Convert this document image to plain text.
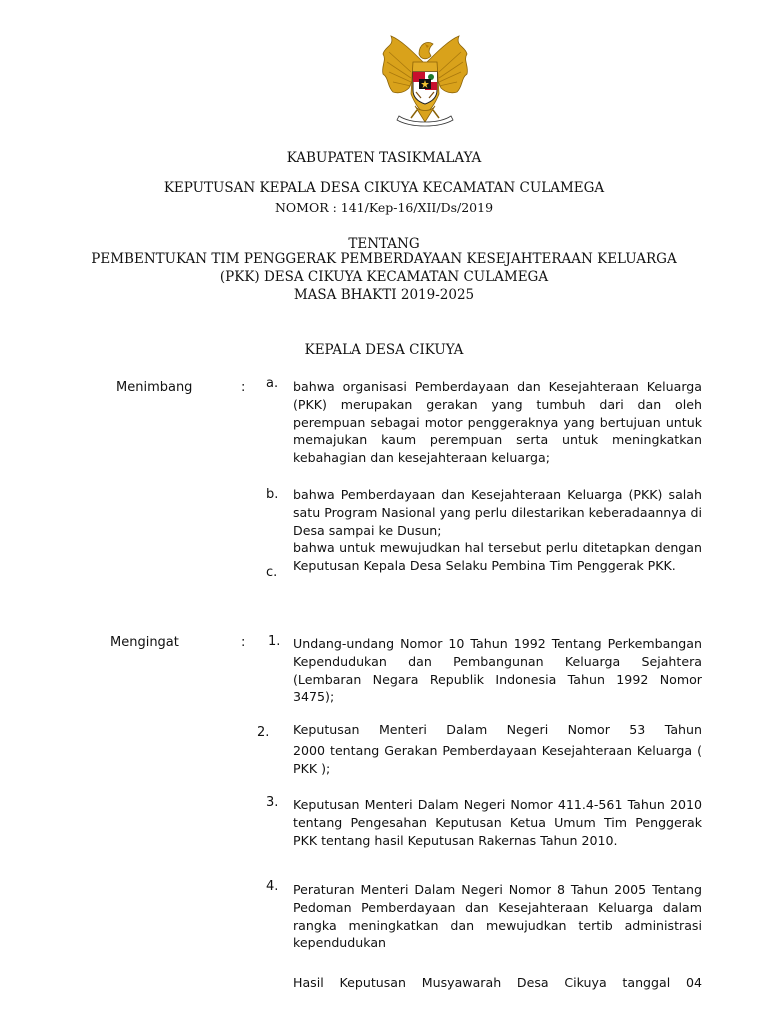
KABUPATEN TASIKMALAYA
KEPUTUSAN KEPALA DESA CIKUYA KECAMATAN CULAMEGA
NOMOR : 141/Kep-16/XII/Ds/2019
TENTANG
PEMBENTUKAN TIM PENGGERAK PEMBERDAYAAN KESEJAHTERAAN KELUARGA
(PKK) DESA CIKUYA KECAMATAN CULAMEGA
MASA BHAKTI 2019-2025
KEPALA DESA CIKUYA
Menimbang	: a. bahwa organisasi Pemberdayaan dan Kesejahteraan Keluarga (PKK) merupakan gerakan yang tumbuh dari dan oleh perempuan sebagai motor penggeraknya yang bertujuan untuk memajukan kaum perempuan serta untuk meningkatkan kebahagian dan kesejahteraan keluarga;
b. bahwa Pemberdayaan dan Kesejahteraan Keluarga (PKK) salah satu Program Nasional yang perlu dilestarikan keberadaannya di Desa sampai ke Dusun;
c.
bahwa untuk mewujudkan hal tersebut perlu ditetapkan dengan Keputusan Kepala Desa Selaku Pembina Tim Penggerak PKK.
Mengingat	: 1. Undang-undang Nomor 10 Tahun 1992 Tentang Perkembangan Kependudukan dan Pembangunan Keluarga Sejahtera (Lembaran Negara Republik Indonesia Tahun 1992 Nomor 3475);
2. Keputusan Menteri Dalam Negeri Nomor 53 Tahun
2000 tentang Gerakan Pemberdayaan Kesejahteraan Keluarga ( PKK );
3. Keputusan Menteri Dalam Negeri Nomor 411.4-561 Tahun 2010 tentang Pengesahan Keputusan Ketua Umum Tim Penggerak PKK tentang hasil Keputusan Rakernas Tahun 2010.
4. Peraturan Menteri Dalam Negeri Nomor 8 Tahun 2005 Tentang Pedoman Pemberdayaan dan Kesejahteraan Keluarga dalam rangka meningkatkan dan mewujudkan tertib administrasi kependudukan
Hasil Keputusan Musyawarah Desa Cikuya tanggal 04
